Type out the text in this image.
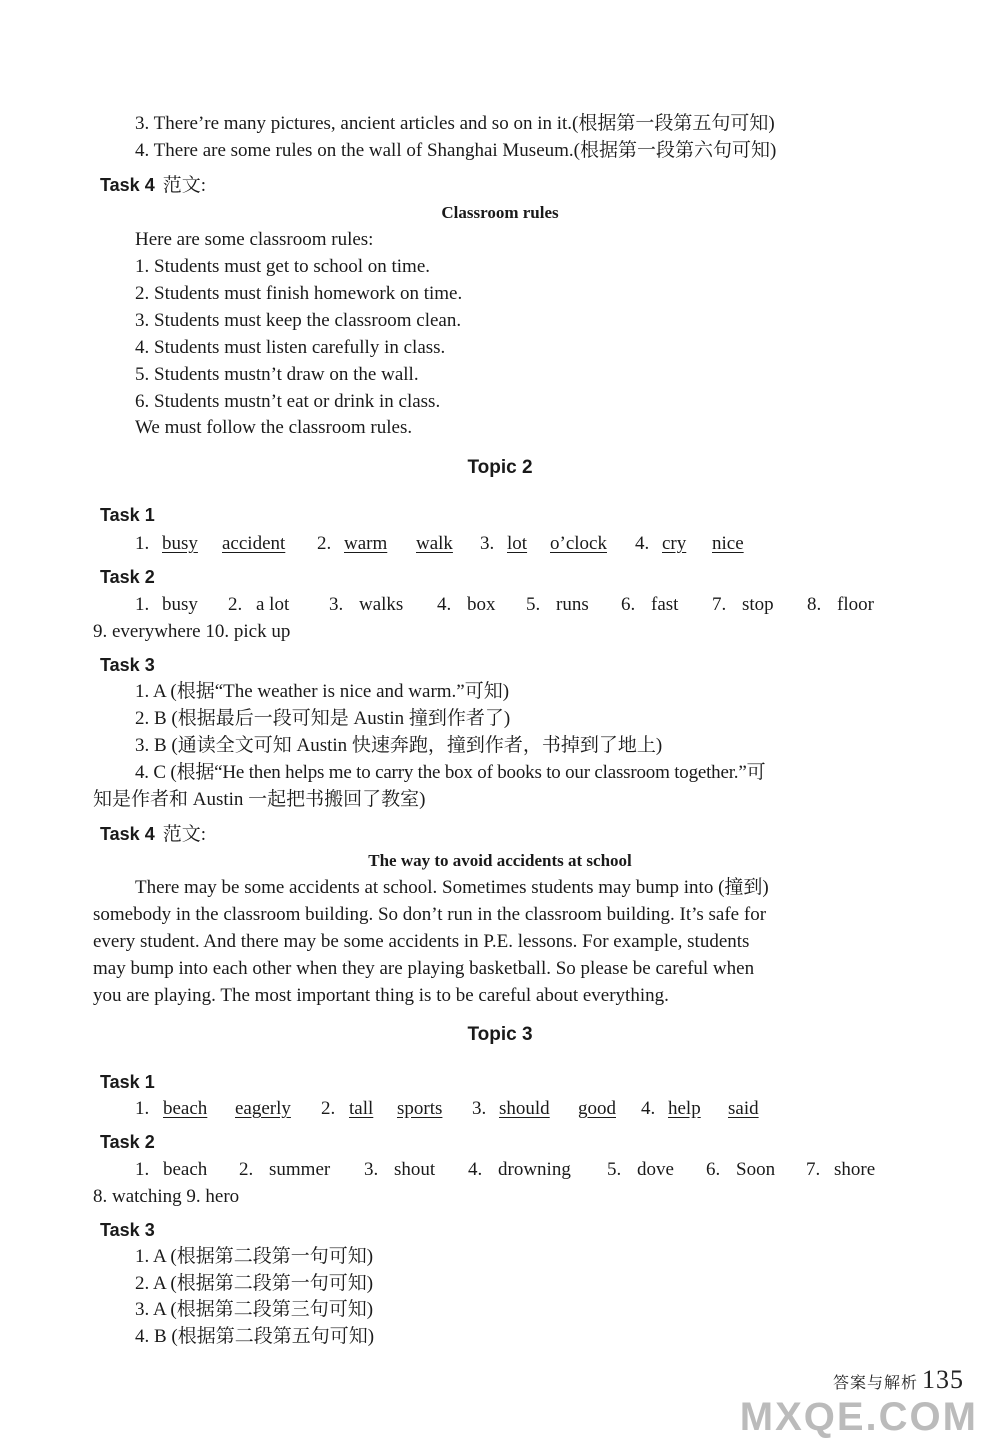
3. There’re many pictures, ancient articles and so on in it.(根据第一段第五句可知)
4. There are some rules on the wall of Shanghai Museum.(根据第一段第六句可知)
Task 4 范文:
Classroom rules
Here are some classroom rules:
1. Students must get to school on time.
2. Students must finish homework on time.
3. Students must keep the classroom clean.
4. Students must listen carefully in class.
5. Students mustn’t draw on the wall.
6. Students mustn’t eat or drink in class.
We must follow the classroom rules.
Topic 2
Task 1
1. busy accident 2. warm walk 3. lot o’clock 4. cry nice
Task 2
1. busy 2. a lot 3. walks 4. box 5. runs 6. fast 7. stop 8. floor
9. everywhere 10. pick up
Task 3
1. A (根据“The weather is nice and warm.”可知)
2. B (根据最后一段可知是 Austin 撞到作者了)
3. B (通读全文可知 Austin 快速奔跑，撞到作者，书掉到了地上)
4. C (根据“He then helps me to carry the box of books to our classroom together.”可
知是作者和 Austin 一起把书搬回了教室)
Task 4 范文:
The way to avoid accidents at school
There may be some accidents at school. Sometimes students may bump into (撞到)
somebody in the classroom building. So don’t run in the classroom building. It’s safe for
every student. And there may be some accidents in P.E. lessons. For example, students
may bump into each other when they are playing basketball. So please be careful when
you are playing. The most important thing is to be careful about everything.
Topic 3
Task 1
1. beach eagerly 2. tall sports 3. should good 4. help said
Task 2
1. beach 2. summer 3. shout 4. drowning 5. dove 6. Soon 7. shore
8. watching 9. hero
Task 3
1. A (根据第二段第一句可知)
2. A (根据第二段第一句可知)
3. A (根据第二段第三句可知)
4. B (根据第二段第五句可知)
答案与解析 135
MXQE.COM
